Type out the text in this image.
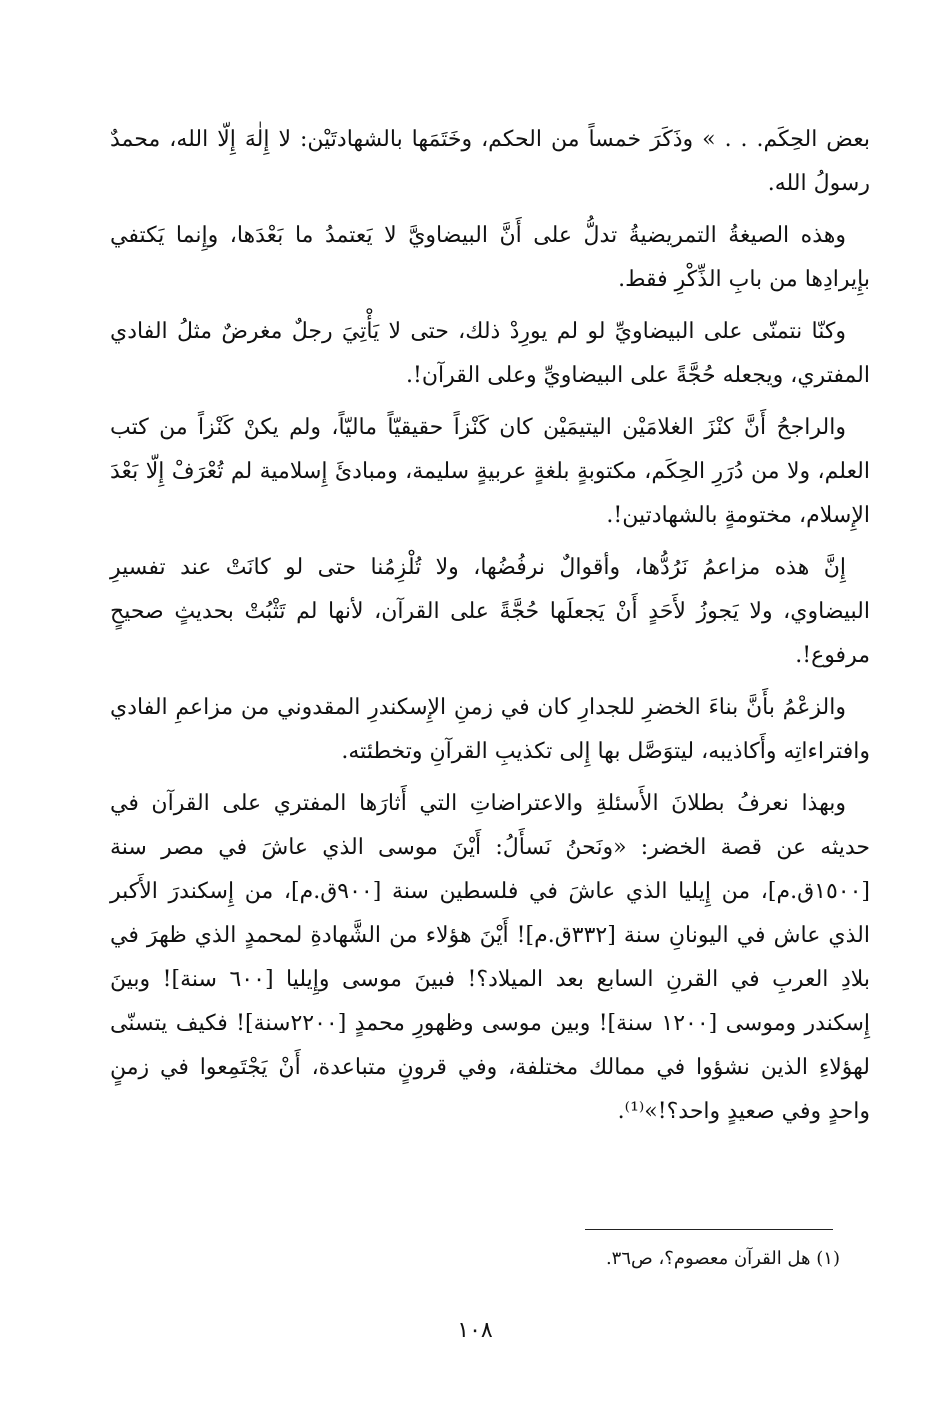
بعض الحِكَم. . . » وذَكَرَ خمساً من الحكم، وخَتَمَها بالشهادتَيْن: لا إِلٰهَ إِلّا الله، محمدٌ رسولُ الله.

وهذه الصيغةُ التمريضيةُ تدلُّ على أَنَّ البيضاويَّ لا يَعتمدُ ما بَعْدَها، وإِنما يَكتفي بإِيرادِها من بابِ الذِّكْرِ فقط.

وكنّا نتمنّى على البيضاويِّ لو لم يورِدْ ذلك، حتى لا يَأْتِيَ رجلٌ مغرضٌ مثلُ الفادي المفتري، ويجعله حُجَّةً على البيضاويِّ وعلى القرآن!.

والراجحُ أَنَّ كنْزَ الغلامَيْن اليتيمَيْن كان كَنْزاً حقيقيّاً ماليّاً، ولم يكنْ كَنْزاً من كتب العلم، ولا من دُرَرِ الحِكَم، مكتوبةٍ بلغةٍ عربيةٍ سليمة، ومبادئَ إِسلامية لم تُعْرَفْ إِلّا بَعْدَ الإِسلام، مختومةٍ بالشهادتين!.

إِنَّ هذه مزاعمُ نَرُدُّها، وأقوالٌ نرفُضُها، ولا تُلْزِمُنا حتى لو كانَتْ عند تفسيرِ البيضاوي، ولا يَجوزُ لأَحَدٍ أَنْ يَجعلَها حُجَّةً على القرآن، لأنها لم تَثْبُتْ بحديثٍ صحيحٍ مرفوع!.

والزعْمُ بأَنَّ بناءَ الخضرِ للجدارِ كان في زمنِ الإِسكندرِ المقدوني من مزاعمِ الفادي وافتراءاتِه وأَكاذيبه، ليتوَصَّل بها إِلى تكذيبِ القرآنِ وتخطئته.

وبهذا نعرفُ بطلانَ الأَسئلةِ والاعتراضاتِ التي أَثارَها المفتري على القرآن في حديثه عن قصة الخضر: «ونَحنُ نَسأَلُ: أَيْنَ موسى الذي عاشَ في مصر سنة [١٥٠٠ق.م]، من إِيليا الذي عاشَ في فلسطين سنة [٩٠٠ق.م]، من إِسكندرَ الأَكبر الذي عاش في اليونانِ سنة [٣٣٢ق.م]! أَيْنَ هؤلاء من الشَّهادةِ لمحمدٍ الذي ظهرَ في بلادِ العربِ في القرنِ السابع بعد الميلاد؟! فبينَ موسى وإِيليا [٦٠٠ سنة]! وبينَ إِسكندر وموسى [١٢٠٠ سنة]! وبين موسى وظهورِ محمدٍ [٢٢٠٠سنة]! فكيف يتسنّى لهؤلاءِ الذين نشؤوا في ممالك مختلفة، وفي قرونٍ متباعدة، أَنْ يَجْتَمِعوا في زمنٍ واحدٍ وفي صعيدٍ واحد؟!»⁽¹⁾.

(١) هل القرآن معصوم؟، ص٣٦.
١٠٨
